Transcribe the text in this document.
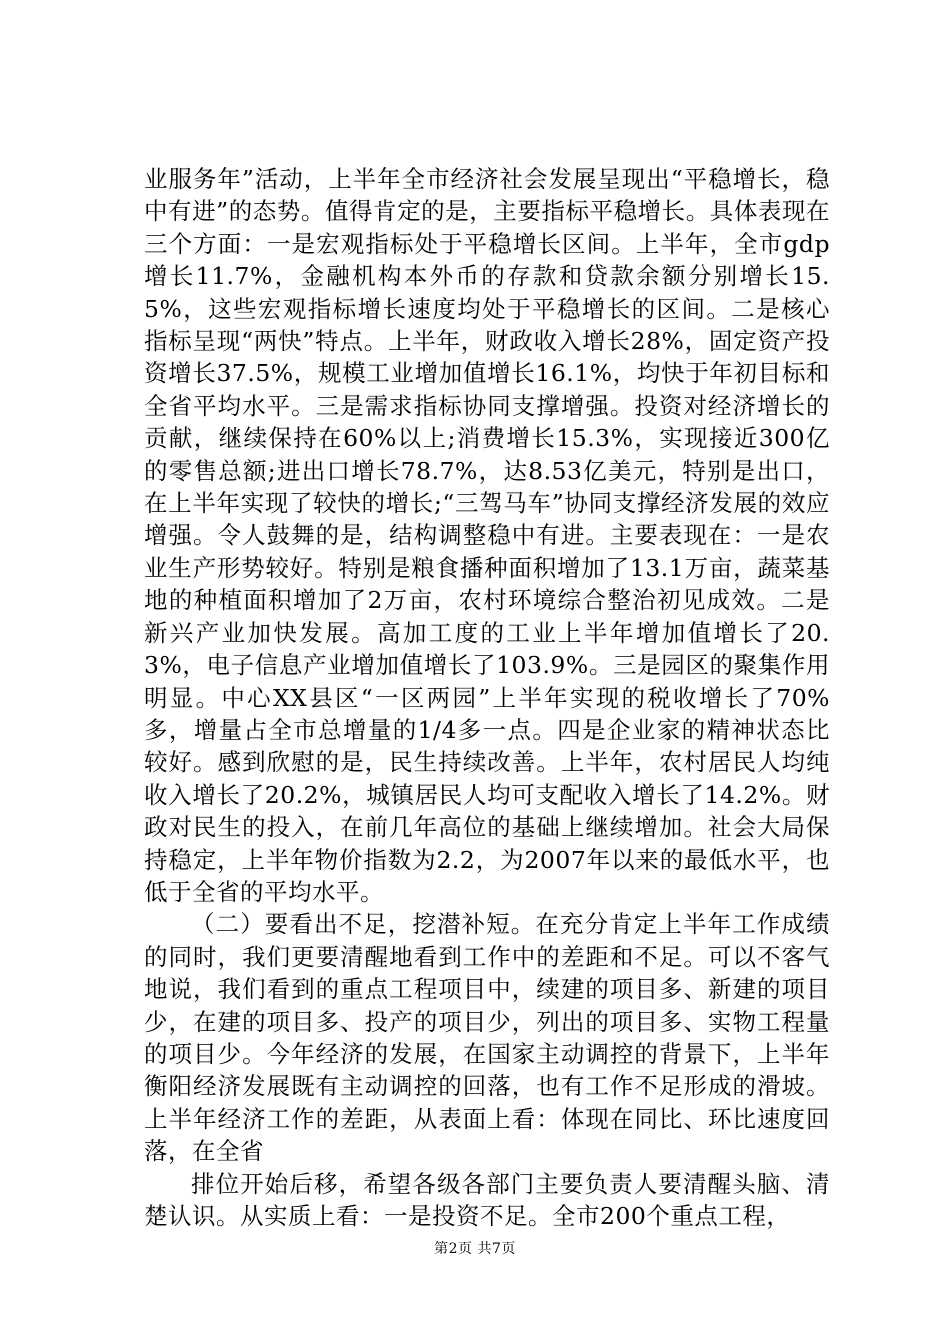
业服务年”活动，上半年全市经济社会发展呈现出“平稳增长，稳中有进”的态势。值得肯定的是，主要指标平稳增长。具体表现在三个方面：一是宏观指标处于平稳增长区间。上半年，全市gdp增长11.7%，金融机构本外币的存款和贷款余额分别增长15.5%，这些宏观指标增长速度均处于平稳增长的区间。二是核心指标呈现“两快”特点。上半年，财政收入增长28%，固定资产投资增长37.5%，规模工业增加值增长16.1%，均快于年初目标和全省平均水平。三是需求指标协同支撑增强。投资对经济增长的贡献，继续保持在60%以上;消费增长15.3%，实现接近300亿的零售总额;进出口增长78.7%，达8.53亿美元，特别是出口，在上半年实现了较快的增长;“三驾马车”协同支撑经济发展的效应增强。令人鼓舞的是，结构调整稳中有进。主要表现在：一是农业生产形势较好。特别是粮食播种面积增加了13.1万亩，蔬菜基地的种植面积增加了2万亩，农村环境综合整治初见成效。二是新兴产业加快发展。高加工度的工业上半年增加值增长了20.3%，电子信息产业增加值增长了103.9%。三是园区的聚集作用明显。中心XX县区“一区两园”上半年实现的税收增长了70%多，增量占全市总增量的1/4多一点。四是企业家的精神状态比较好。感到欣慰的是，民生持续改善。上半年，农村居民人均纯收入增长了20.2%，城镇居民人均可支配收入增长了14.2%。财政对民生的投入，在前几年高位的基础上继续增加。社会大局保持稳定，上半年物价指数为2.2，为2007年以来的最低水平，也低于全省的平均水平。

（二）要看出不足，挖潜补短。在充分肯定上半年工作成绩的同时，我们更要清醒地看到工作中的差距和不足。可以不客气地说，我们看到的重点工程项目中，续建的项目多、新建的项目少，在建的项目多、投产的项目少，列出的项目多、实物工程量的项目少。今年经济的发展，在国家主动调控的背景下，上半年衡阳经济发展既有主动调控的回落，也有工作不足形成的滑坡。上半年经济工作的差距，从表面上看：体现在同比、环比速度回落，在全省

排位开始后移，希望各级各部门主要负责人要清醒头脑、清楚认识。从实质上看：一是投资不足。全市200个重点工程，

第2页 共7页
